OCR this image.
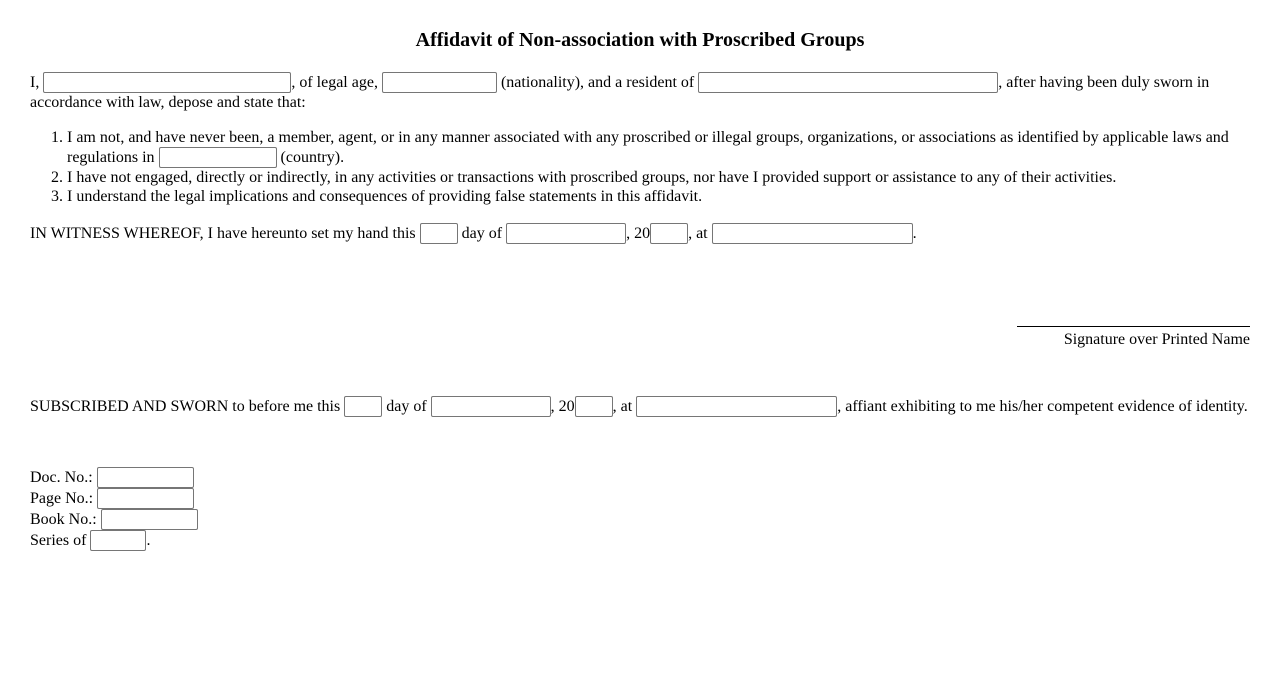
Affidavit of Non-association with Proscribed Groups

I,	, of legal age,	(nationality), and a resident of	, after having been duly sworn in accordance with law, depose and state that:

1. I am not, and have never been, a member, agent, or in any manner associated with any proscribed or illegal groups, organizations, or associations as identified by applicable laws and regulations in	(country).
2. I have not engaged, directly or indirectly, in any activities or transactions with proscribed groups, nor have I provided support or assistance to any of their activities.
3. I understand the legal implications and consequences of providing false statements in this affidavit.

IN WITNESS WHEREOF, I have hereunto set my hand this	day of	, 20 , at	.

Signature over Printed Name

SUBSCRIBED AND SWORN to before me this	day of	, 20 , at	, affiant exhibiting to me his/her competent evidence of identity.

Doc. No.:
Page No.:
Book No.:
Series of	.
